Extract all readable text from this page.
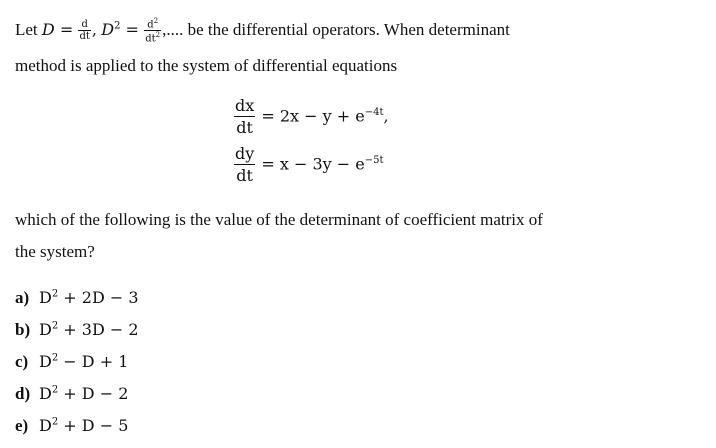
Let $D = \frac{d}{dt}$ , $D^2 = \frac{d^2}{dt^2}$ ,.... be the differential operators. When determinant
method is applied to the system of differential equations
$\frac{dx}{dt} = 2x - y + e^{-4t}$,
$\frac{dy}{dt} = x - 3y - e^{-5t}$
which of the following is the value of the determinant of coefficient matrix of
the system?
a) $D^2 + 2D - 3$
b) $D^2 + 3D - 2$
c) $D^2 - D + 1$
d) $D^2 + D - 2$
e) $D^2 + D - 5$
